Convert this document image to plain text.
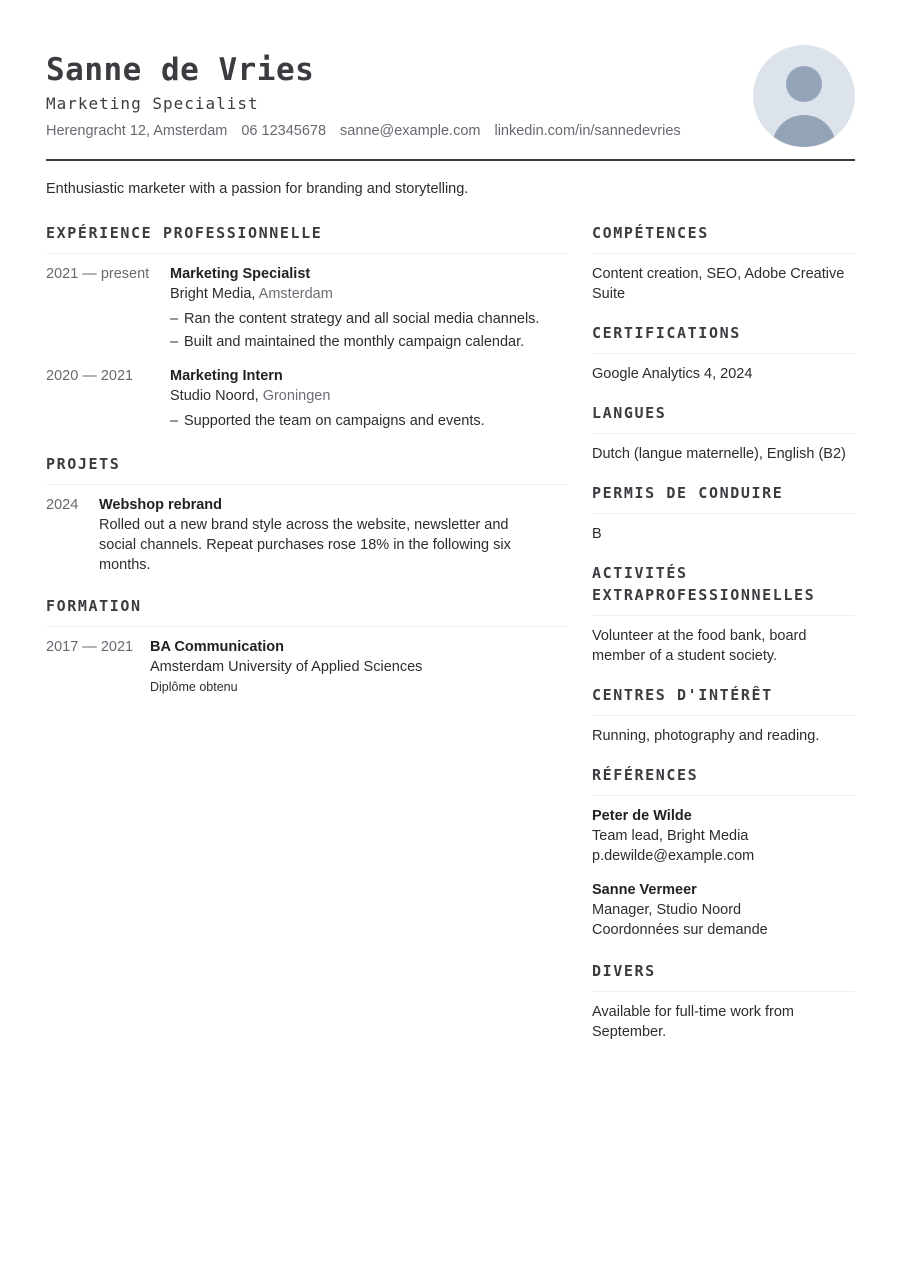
Sanne de Vries
Marketing Specialist
Herengracht 12, Amsterdam 06 12345678 sanne@example.com linkedin.com/in/sannedevries
Enthusiastic marketer with a passion for branding and storytelling.
EXPÉRIENCE PROFESSIONNELLE
2021 — present	Marketing Specialist
Bright Media, Amsterdam
– Ran the content strategy and all social media channels.
– Built and maintained the monthly campaign calendar.
2020 — 2021	Marketing Intern
Studio Noord, Groningen
– Supported the team on campaigns and events.
PROJETS
2024	Webshop rebrand
Rolled out a new brand style across the website, newsletter and social channels. Repeat purchases rose 18% in the following six months.
FORMATION
2017 — 2021	BA Communication
Amsterdam University of Applied Sciences
Diplôme obtenu
COMPÉTENCES
Content creation, SEO, Adobe Creative Suite
CERTIFICATIONS
Google Analytics 4, 2024
LANGUES
Dutch (langue maternelle), English (B2)
PERMIS DE CONDUIRE
B
ACTIVITÉS EXTRAPROFESSIONNELLES
Volunteer at the food bank, board member of a student society.
CENTRES D'INTÉRÊT
Running, photography and reading.
RÉFÉRENCES
Peter de Wilde
Team lead, Bright Media
p.dewilde@example.com
Sanne Vermeer
Manager, Studio Noord
Coordonnées sur demande
DIVERS
Available for full-time work from September.
